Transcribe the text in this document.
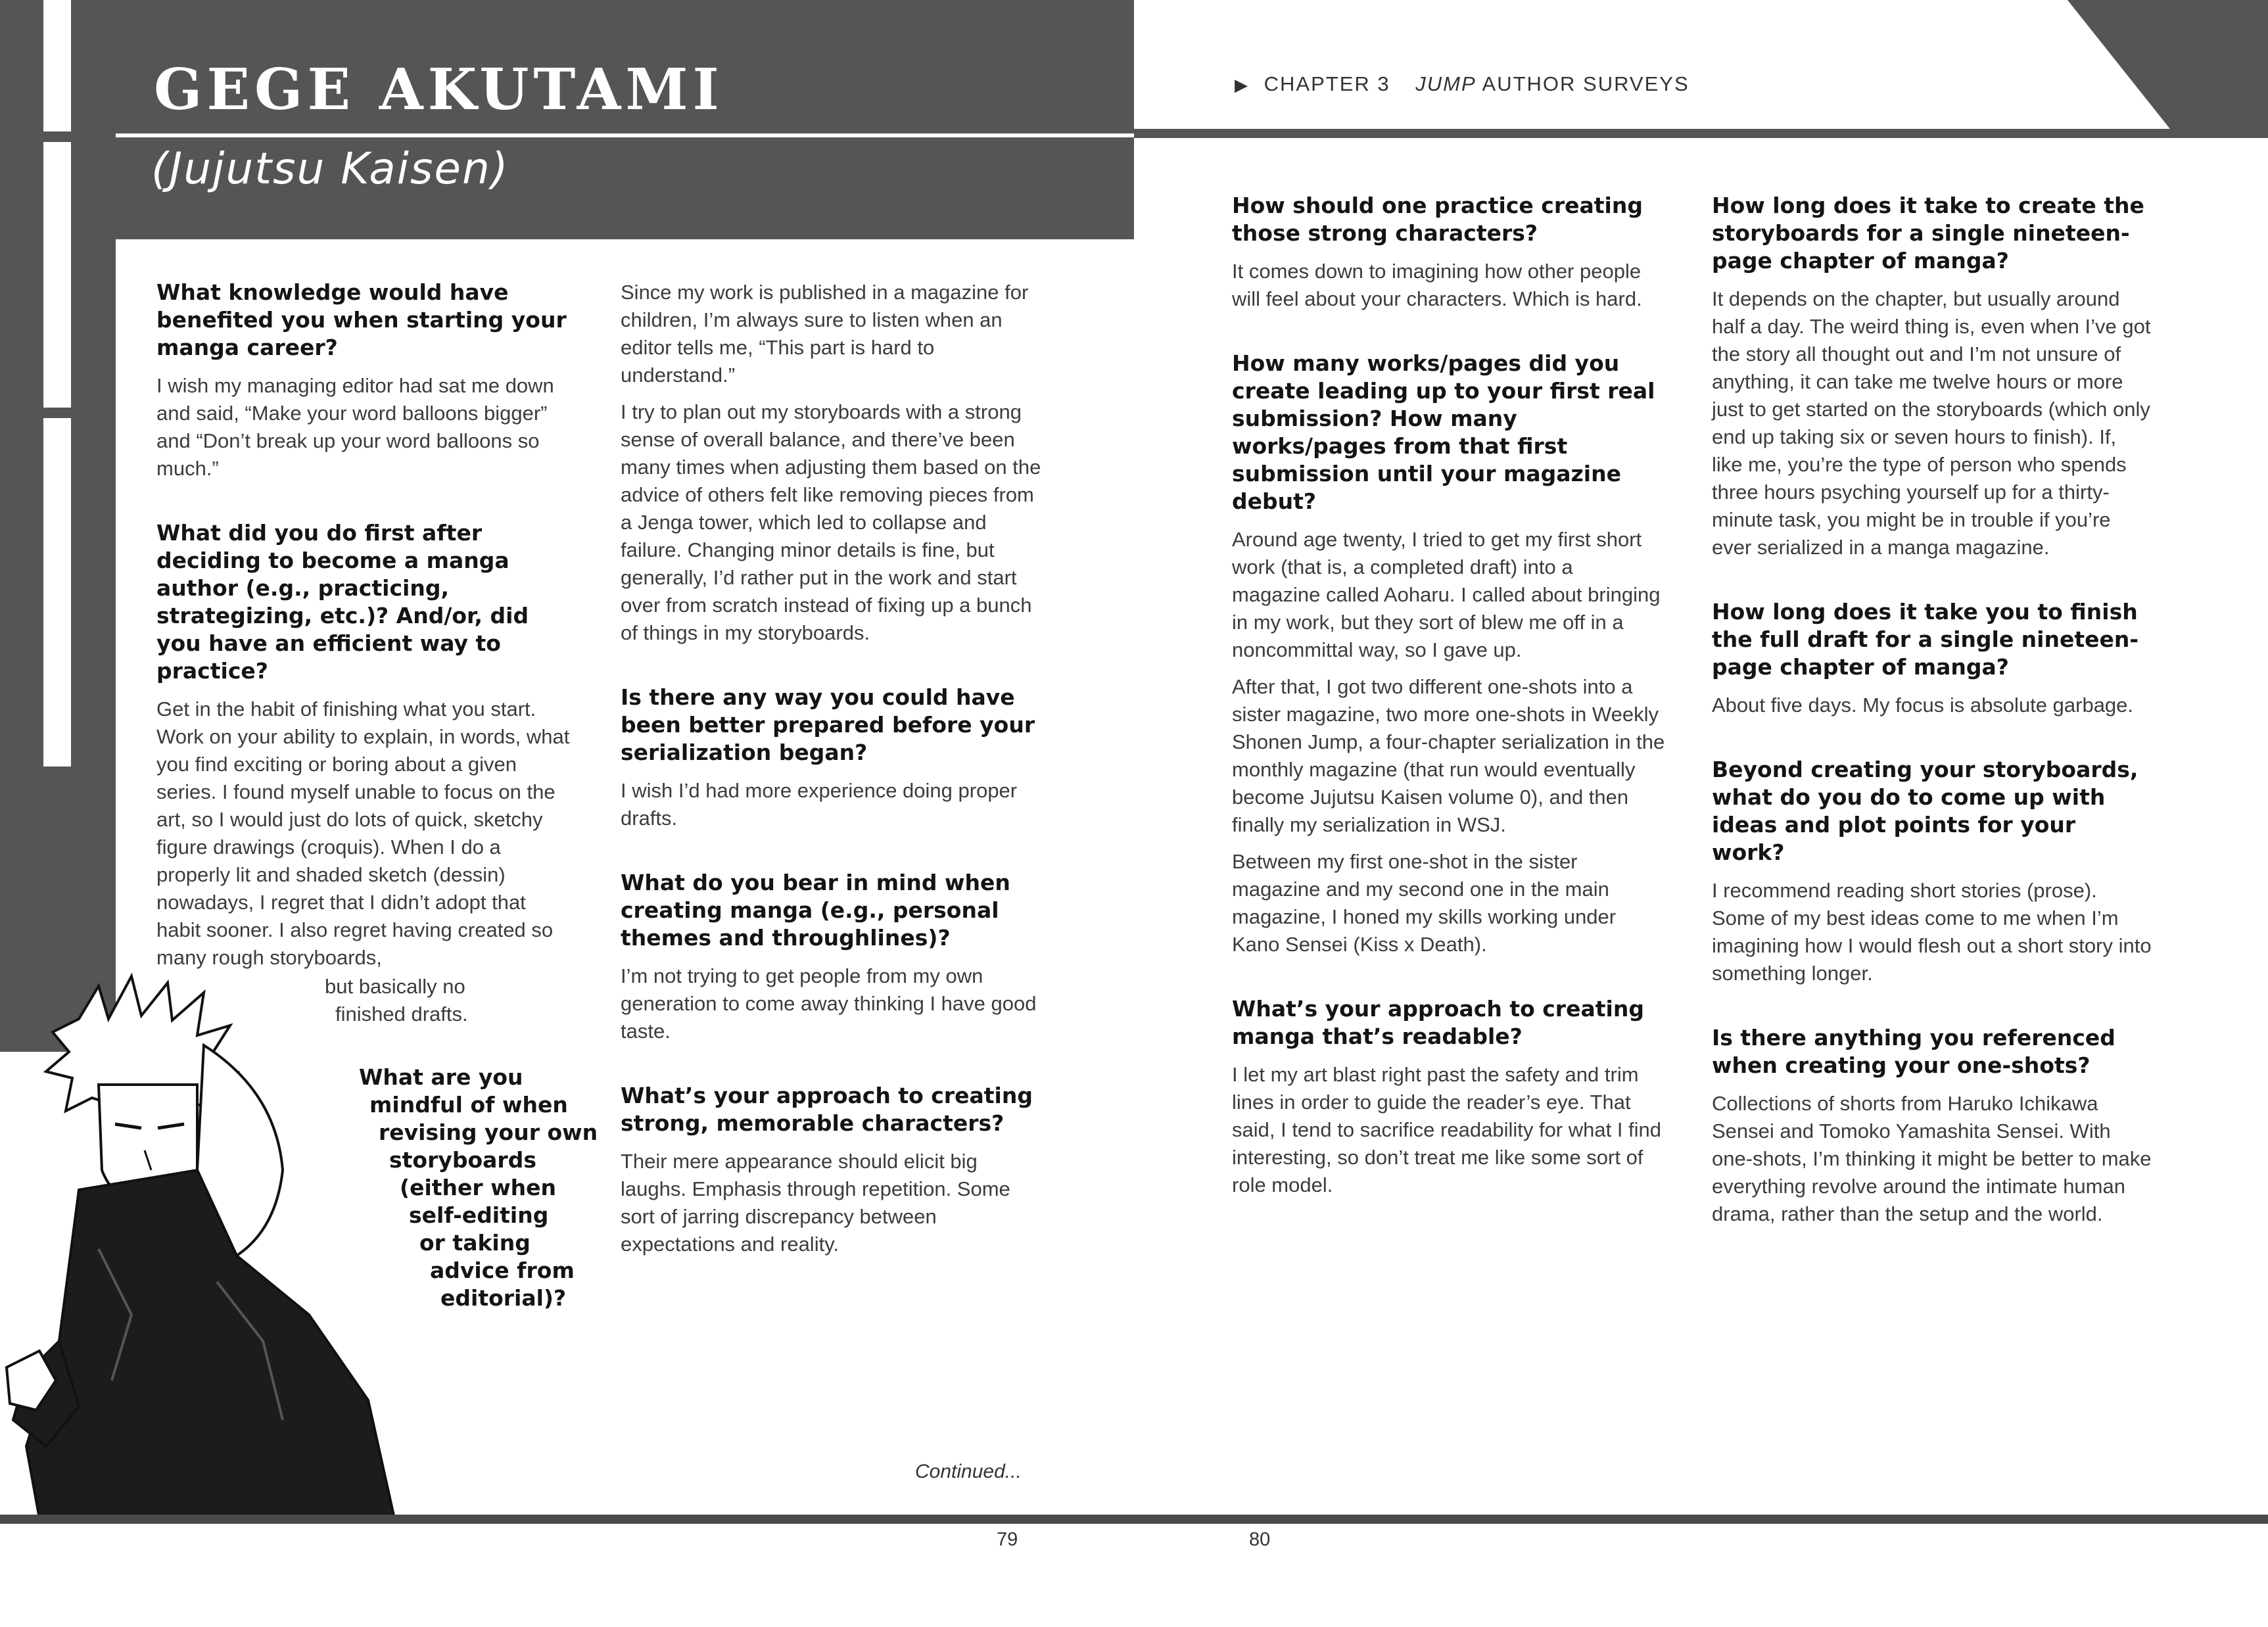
GEGE AKUTAMI
(Jujutsu Kaisen)
▶ CHAPTER 3 JUMP AUTHOR SURVEYS

What knowledge would have benefited you when starting your manga career?

I wish my managing editor had sat me down and said, “Make your word balloons bigger” and “Don’t break up your word balloons so much.”

What did you do first after deciding to become a manga author (e.g., practicing, strategizing, etc.)? And/or, did you have an efficient way to practice?

Get in the habit of finishing what you start. Work on your ability to explain, in words, what you find exciting or boring about a given series. I found myself unable to focus on the art, so I would just do lots of quick, sketchy figure drawings (croquis). When I do a properly lit and shaded sketch (dessin) nowadays, I regret that I didn’t adopt that habit sooner. I also regret having created so many rough storyboards,

but basically no
finished drafts.
What are you
mindful of when
revising your own
storyboards
(either when
self-editing
or taking
advice from
editorial)?

Since my work is published in a magazine for children, I’m always sure to listen when an editor tells me, “This part is hard to understand.”

I try to plan out my storyboards with a strong sense of overall balance, and there’ve been many times when adjusting them based on the advice of others felt like removing pieces from a Jenga tower, which led to collapse and failure. Changing minor details is fine, but generally, I’d rather put in the work and start over from scratch instead of fixing up a bunch of things in my storyboards.

Is there any way you could have been better prepared before your serialization began?

I wish I’d had more experience doing proper drafts.

What do you bear in mind when creating manga (e.g., personal themes and throughlines)?

I’m not trying to get people from my own generation to come away thinking I have good taste.

What’s your approach to creating strong, memorable characters?

Their mere appearance should elicit big laughs. Emphasis through repetition. Some sort of jarring discrepancy between expectations and reality.

Continued...

How should one practice creating those strong characters?

It comes down to imagining how other people will feel about your characters. Which is hard.

How many works/pages did you create leading up to your first real submission? How many works/pages from that first submission until your magazine debut?

Around age twenty, I tried to get my first short work (that is, a completed draft) into a magazine called Aoharu. I called about bringing in my work, but they sort of blew me off in a noncommittal way, so I gave up.

After that, I got two different one-shots into a sister magazine, two more one-shots in Weekly Shonen Jump, a four-chapter serialization in the monthly magazine (that run would eventually become Jujutsu Kaisen volume 0), and then finally my serialization in WSJ.

Between my first one-shot in the sister magazine and my second one in the main magazine, I honed my skills working under Kano Sensei (Kiss x Death).

What’s your approach to creating manga that’s readable?

I let my art blast right past the safety and trim lines in order to guide the reader’s eye. That said, I tend to sacrifice readability for what I find interesting, so don’t treat me like some sort of role model.

How long does it take to create the storyboards for a single nineteen-page chapter of manga?

It depends on the chapter, but usually around half a day. The weird thing is, even when I’ve got the story all thought out and I’m not unsure of anything, it can take me twelve hours or more just to get started on the storyboards (which only end up taking six or seven hours to finish). If, like me, you’re the type of person who spends three hours psyching yourself up for a thirty-minute task, you might be in trouble if you’re ever serialized in a manga magazine.

How long does it take you to finish the full draft for a single nineteen-page chapter of manga?

About five days. My focus is absolute garbage.

Beyond creating your storyboards, what do you do to come up with ideas and plot points for your work?

I recommend reading short stories (prose). Some of my best ideas come to me when I’m imagining how I would flesh out a short story into something longer.

Is there anything you referenced when creating your one-shots?

Collections of shorts from Haruko Ichikawa Sensei and Tomoko Yamashita Sensei. With one-shots, I’m thinking it might be better to make everything revolve around the intimate human drama, rather than the setup and the world.

79	80
